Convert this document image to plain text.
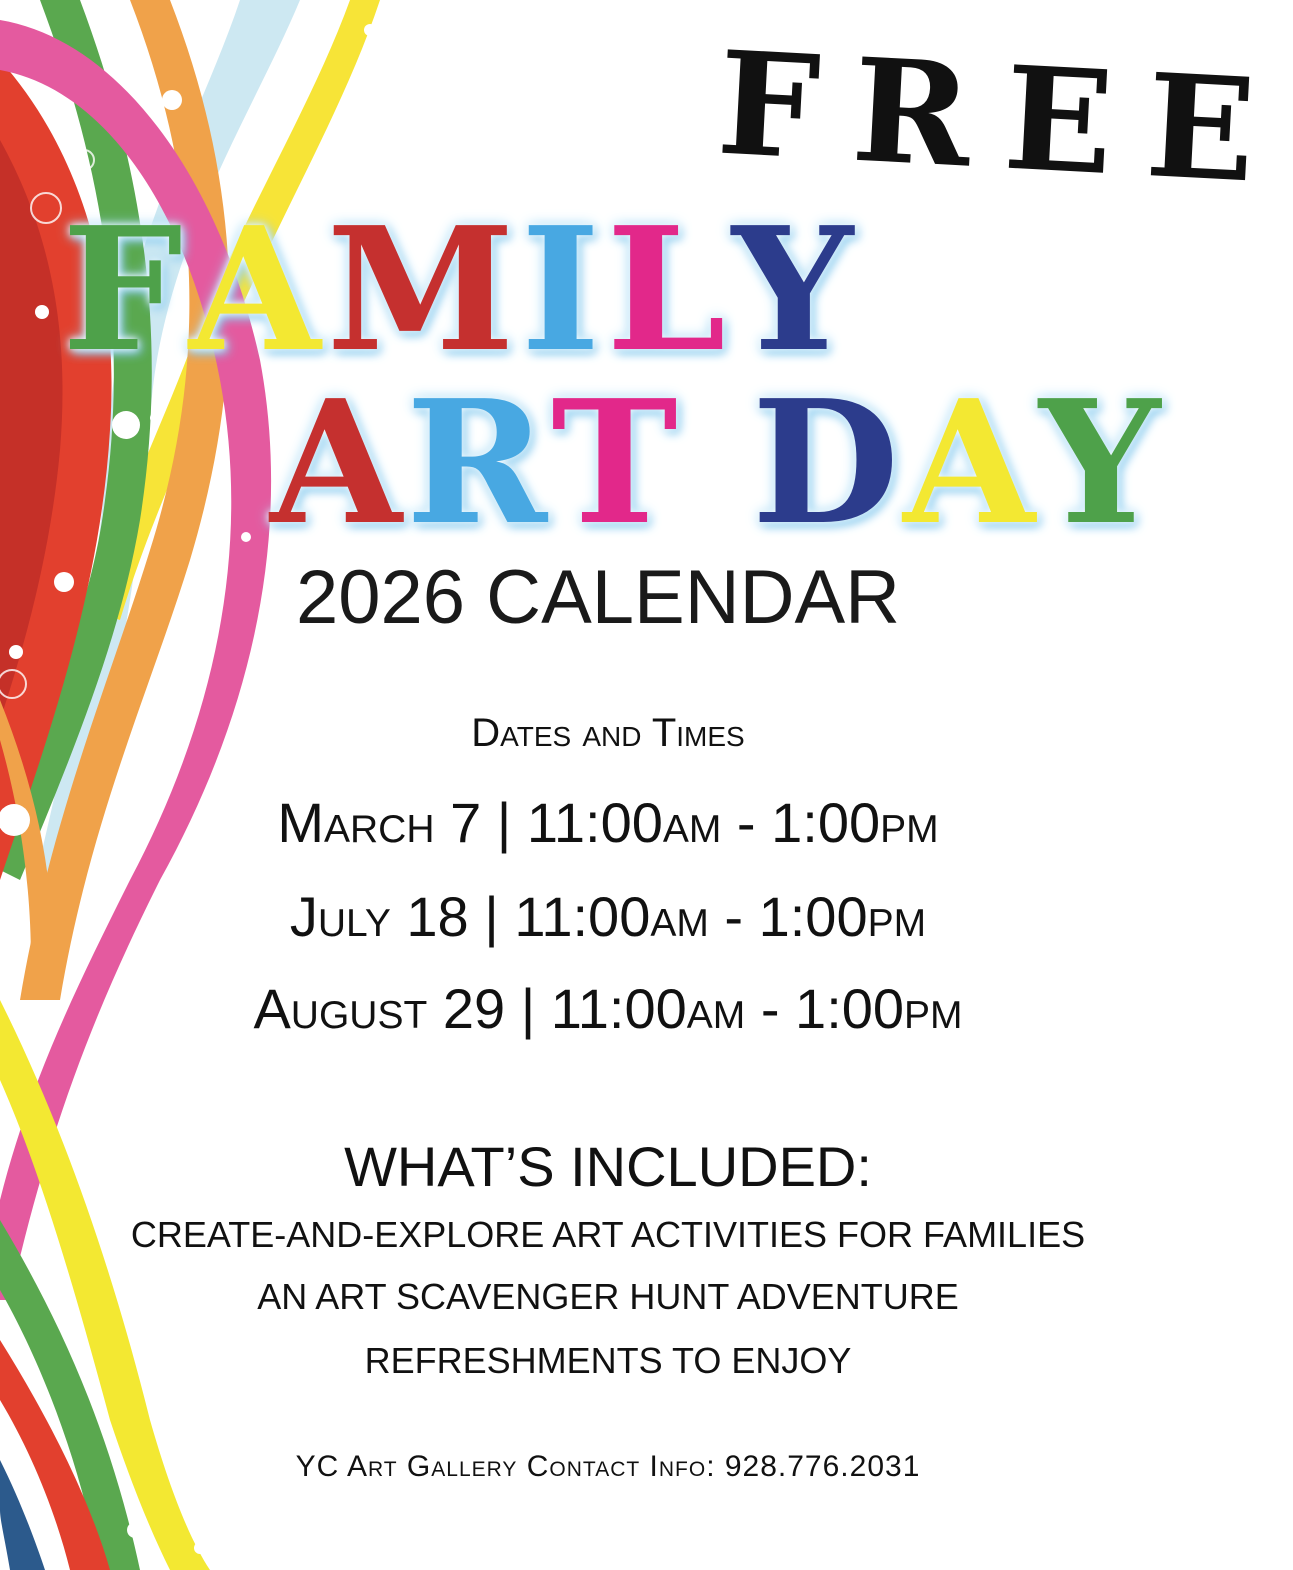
FREE
FAMILY
ART DAY
2026 CALENDAR
Dates and Times
March 7 | 11:00am - 1:00pm
July 18 | 11:00am - 1:00pm
August 29 | 11:00am - 1:00pm
WHAT’S INCLUDED:
CREATE-AND-EXPLORE ART ACTIVITIES FOR FAMILIES
AN ART SCAVENGER HUNT ADVENTURE
REFRESHMENTS TO ENJOY
YC Art Gallery Contact Info: 928.776.2031
